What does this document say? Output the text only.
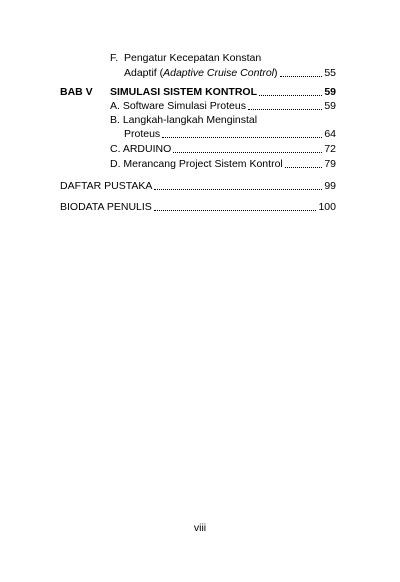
F. Pengatur Kecepatan Konstan
Adaptif (Adaptive Cruise Control)	55
BAB V SIMULASI SISTEM KONTROL	59
A. Software Simulasi Proteus	59
B. Langkah-langkah Menginstal
Proteus	64
C. ARDUINO	72
D. Merancang Project Sistem Kontrol	79
DAFTAR PUSTAKA	99
BIODATA PENULIS	100
viii
